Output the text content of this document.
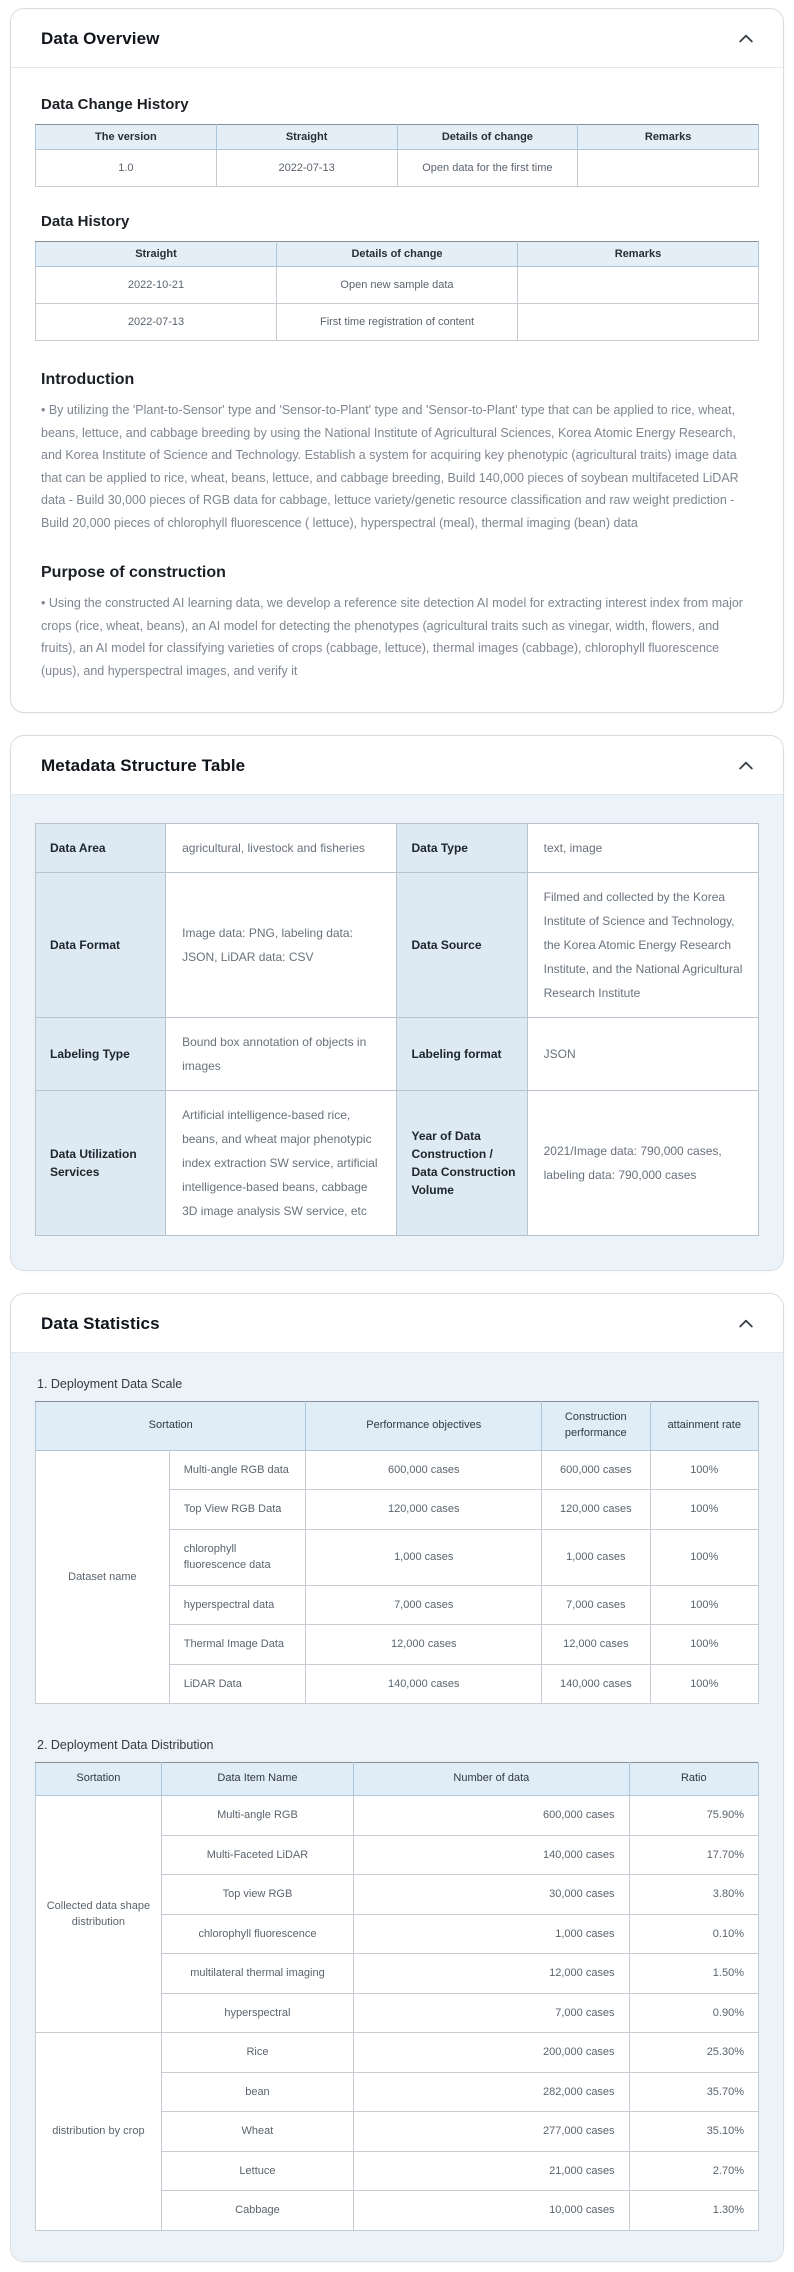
Data Overview
Data Change History
The version	Straight	Details of change	Remarks
1.0	2022-07-13	Open data for the first time	
Data History
Straight	Details of change	Remarks
2022-10-21	Open new sample data	
2022-07-13	First time registration of content	
Introduction

• By utilizing the 'Plant-to-Sensor' type and 'Sensor-to-Plant' type and 'Sensor-to-Plant' type that can be applied to rice, wheat, beans, lettuce, and cabbage breeding by using the National Institute of Agricultural Sciences, Korea Atomic Energy Research, and Korea Institute of Science and Technology. Establish a system for acquiring key phenotypic (agricultural traits) image data that can be applied to rice, wheat, beans, lettuce, and cabbage breeding, Build 140,000 pieces of soybean multifaceted LiDAR data - Build 30,000 pieces of RGB data for cabbage, lettuce variety/genetic resource classification and raw weight prediction - Build 20,000 pieces of chlorophyll fluorescence ( lettuce), hyperspectral (meal), thermal imaging (bean) data

Purpose of construction

• Using the constructed AI learning data, we develop a reference site detection AI model for extracting interest index from major crops (rice, wheat, beans), an AI model for detecting the phenotypes (agricultural traits such as vinegar, width, flowers, and fruits), an AI model for classifying varieties of crops (cabbage, lettuce), thermal images (cabbage), chlorophyll fluorescence (upus), and hyperspectral images, and verify it

Metadata Structure Table
Data Area	agricultural, livestock and fisheries	Data Type	text, image
Data Format	Image data: PNG, labeling data: JSON, LiDAR data: CSV	Data Source	Filmed and collected by the Korea Institute of Science and Technology, the Korea Atomic Energy Research Institute, and the National Agricultural Research Institute
Labeling Type	Bound box annotation of objects in images	Labeling format	JSON
Data Utilization Services	Artificial intelligence-based rice, beans, and wheat major phenotypic index extraction SW service, artificial intelligence-based beans, cabbage 3D image analysis SW service, etc	Year of Data Construction / Data Construction Volume	2021/Image data: 790,000 cases, labeling data: 790,000 cases
Data Statistics
1. Deployment Data Scale
Sortation		Performance objectives	Construction performance	attainment rate
Dataset name	Multi-angle RGB data	600,000 cases	600,000 cases	100%
	Top View RGB Data	120,000 cases	120,000 cases	100%
	chlorophyll fluorescence data	1,000 cases	1,000 cases	100%
	hyperspectral data	7,000 cases	7,000 cases	100%
	Thermal Image Data	12,000 cases	12,000 cases	100%
	LiDAR Data	140,000 cases	140,000 cases	100%
2. Deployment Data Distribution
Sortation	Data Item Name	Number of data	Ratio
Collected data shape distribution	Multi-angle RGB	600,000 cases	75.90%
	Multi-Faceted LiDAR	140,000 cases	17.70%
	Top view RGB	30,000 cases	3.80%
	chlorophyll fluorescence	1,000 cases	0.10%
	multilateral thermal imaging	12,000 cases	1.50%
	hyperspectral	7,000 cases	0.90%
distribution by crop	Rice	200,000 cases	25.30%
	bean	282,000 cases	35.70%
	Wheat	277,000 cases	35.10%
	Lettuce	21,000 cases	2.70%
	Cabbage	10,000 cases	1.30%
